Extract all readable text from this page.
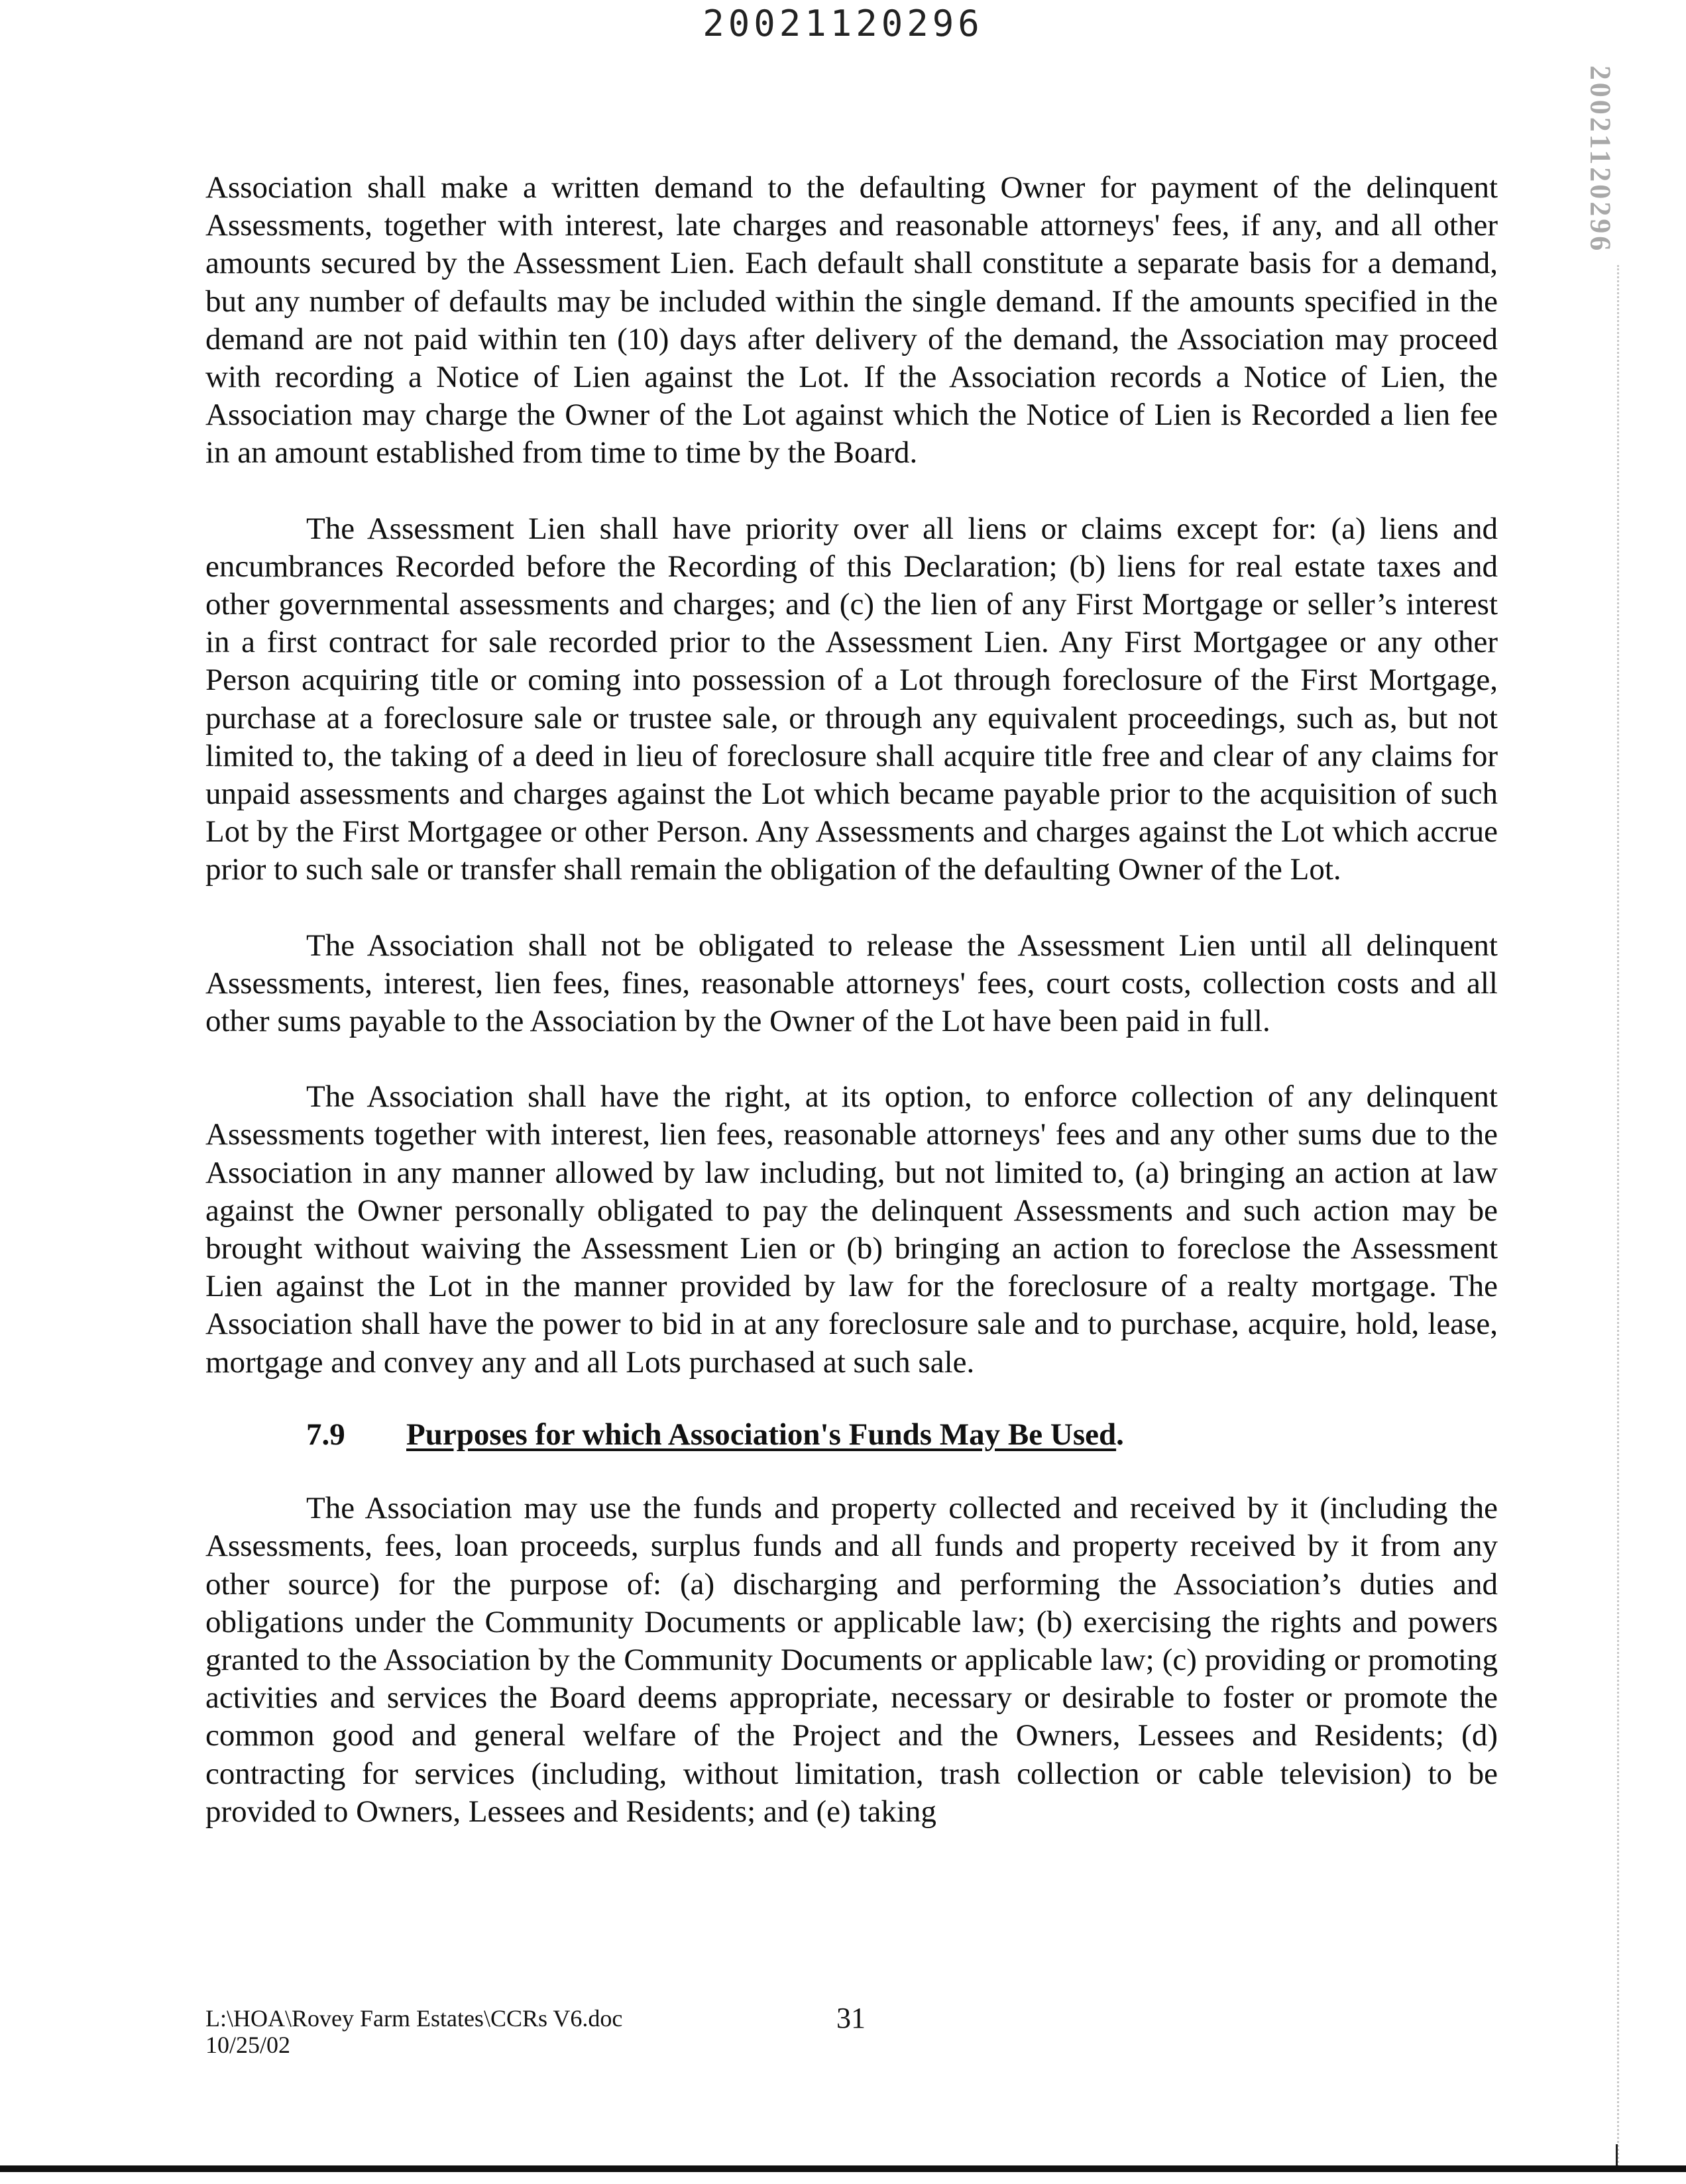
20021120296
20021120296

Association shall make a written demand to the defaulting Owner for payment of the delinquent Assessments, together with interest, late charges and reasonable attorneys' fees, if any, and all other amounts secured by the Assessment Lien. Each default shall constitute a separate basis for a demand, but any number of defaults may be included within the single demand. If the amounts specified in the demand are not paid within ten (10) days after delivery of the demand, the Association may proceed with recording a Notice of Lien against the Lot. If the Association records a Notice of Lien, the Association may charge the Owner of the Lot against which the Notice of Lien is Recorded a lien fee in an amount established from time to time by the Board.

The Assessment Lien shall have priority over all liens or claims except for: (a) liens and encumbrances Recorded before the Recording of this Declaration; (b) liens for real estate taxes and other governmental assessments and charges; and (c) the lien of any First Mortgage or seller’s interest in a first contract for sale recorded prior to the Assessment Lien. Any First Mortgagee or any other Person acquiring title or coming into possession of a Lot through foreclosure of the First Mortgage, purchase at a foreclosure sale or trustee sale, or through any equivalent proceedings, such as, but not limited to, the taking of a deed in lieu of foreclosure shall acquire title free and clear of any claims for unpaid assessments and charges against the Lot which became payable prior to the acquisition of such Lot by the First Mortgagee or other Person. Any Assessments and charges against the Lot which accrue prior to such sale or transfer shall remain the obligation of the defaulting Owner of the Lot.

The Association shall not be obligated to release the Assessment Lien until all delinquent Assessments, interest, lien fees, fines, reasonable attorneys' fees, court costs, collection costs and all other sums payable to the Association by the Owner of the Lot have been paid in full.

The Association shall have the right, at its option, to enforce collection of any delinquent Assessments together with interest, lien fees, reasonable attorneys' fees and any other sums due to the Association in any manner allowed by law including, but not limited to, (a) bringing an action at law against the Owner personally obligated to pay the delinquent Assessments and such action may be brought without waiving the Assessment Lien or (b) bringing an action to foreclose the Assessment Lien against the Lot in the manner provided by law for the foreclosure of a realty mortgage. The Association shall have the power to bid in at any foreclosure sale and to purchase, acquire, hold, lease, mortgage and convey any and all Lots purchased at such sale.

7.9 Purposes for which Association's Funds May Be Used.

The Association may use the funds and property collected and received by it (including the Assessments, fees, loan proceeds, surplus funds and all funds and property received by it from any other source) for the purpose of: (a) discharging and performing the Association’s duties and obligations under the Community Documents or applicable law; (b) exercising the rights and powers granted to the Association by the Community Documents or applicable law; (c) providing or promoting activities and services the Board deems appropriate, necessary or desirable to foster or promote the common good and general welfare of the Project and the Owners, Lessees and Residents; (d) contracting for services (including, without limitation, trash collection or cable television) to be provided to Owners, Lessees and Residents; and (e) taking

L:\HOA\Rovey Farm Estates\CCRs V6.doc
10/25/02
31
